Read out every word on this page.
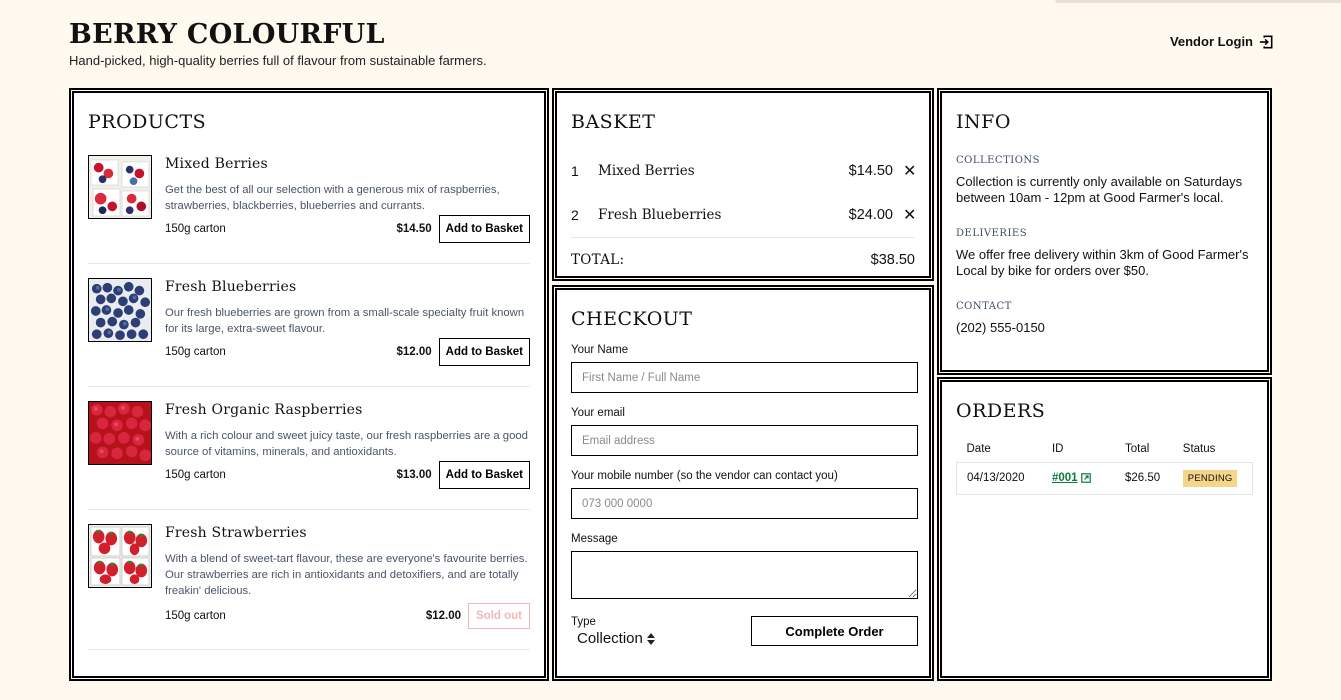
BERRY COLOURFUL
Hand-picked, high-quality berries full of flavour from sustainable farmers.
Vendor Login
PRODUCTS
Mixed Berries
Get the best of all our selection with a generous mix of raspberries, strawberries, blackberries, blueberries and currants.
150g carton	$14.50	Add to Basket
Fresh Blueberries
Our fresh blueberries are grown from a small-scale specialty fruit known for its large, extra-sweet flavour.
150g carton	$12.00	Add to Basket
Fresh Organic Raspberries
With a rich colour and sweet juicy taste, our fresh raspberries are a good source of vitamins, minerals, and antioxidants.
150g carton	$13.00	Add to Basket
Fresh Strawberries
With a blend of sweet-tart flavour, these are everyone's favourite berries. Our strawberries are rich in antioxidants and detoxifiers, and are totally freakin' delicious.
150g carton	$12.00	Sold out
BASKET
1	Mixed Berries	$14.50 ✕
2	Fresh Blueberries	$24.00 ✕
TOTAL:	$38.50
CHECKOUT
Your Name
First Name / Full Name
Your email
Email address
Your mobile number (so the vendor can contact you)
073 000 0000
Message
Type
Collection	Complete Order
INFO
COLLECTIONS
Collection is currently only available on Saturdays between 10am - 12pm at Good Farmer's local.
DELIVERIES
We offer free delivery within 3km of Good Farmer's Local by bike for orders over $50.
CONTACT
(202) 555-0150
ORDERS
Date	ID	Total	Status
04/13/2020	#001	$26.50	PENDING
